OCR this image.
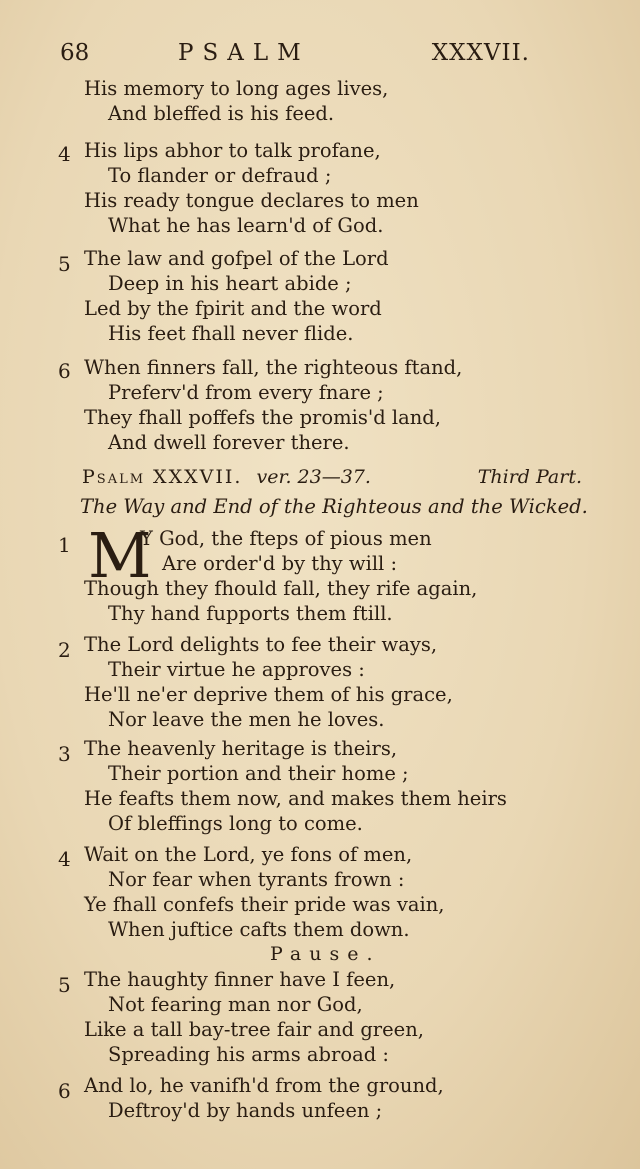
68	PSALM	XXXVII.
His memory to long ages lives,
And bleffed is his feed.
4 His lips abhor to talk profane,
To flander or defraud ;
His ready tongue declares to men
What he has learn'd of God.
5 The law and gofpel of the Lord
Deep in his heart abide ;
Led by the fpirit and the word
His feet fhall never flide.
6 When finners fall, the righteous ftand,
Preferv'd from every fnare ;
They fhall poffefs the promis'd land,
And dwell forever there.
Psalm XXXVII. ver. 23—37.	Third Part.
The Way and End of the Righteous and the Wicked.
1 M
Y God, the fteps of pious men
Are order'd by thy will :
Though they fhould fall, they rife again,
Thy hand fupports them ftill.
2 The Lord delights to fee their ways,
Their virtue he approves :
He'll ne'er deprive them of his grace,
Nor leave the men he loves.
3 The heavenly heritage is theirs,
Their portion and their home ;
He feafts them now, and makes them heirs
Of bleffings long to come.
4 Wait on the Lord, ye fons of men,
Nor fear when tyrants frown :
Ye fhall confefs their pride was vain,
When juftice cafts them down.
Pause.
5 The haughty finner have I feen,
Not fearing man nor God,
Like a tall bay-tree fair and green,
Spreading his arms abroad :
6 And lo, he vanifh'd from the ground,
Deftroy'd by hands unfeen ;
